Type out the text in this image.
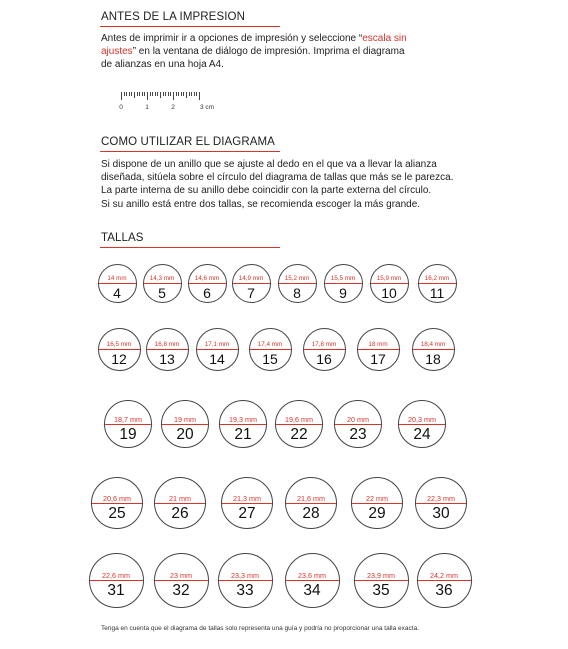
ANTES DE LA IMPRESION
Antes de imprimir ir a opciones de impresión y seleccione “escala sin
ajustes” en la ventana de diálogo de impresión. Imprima el diagrama
de alianzas en una hoja A4.
0	1	2	3 cm
COMO UTILIZAR EL DIAGRAMA
Si dispone de un anillo que se ajuste al dedo en el que va a llevar la alianza
diseñada, sitúela sobre el círculo del diagrama de tallas que más se le parezca.
La parte interna de su anillo debe coincidir con la parte externa del círculo.
Si su anillo está entre dos tallas, se recomienda escoger la más grande.
TALLAS
14 mm
4
14,3 mm
5
14,6 mm
6
14,9 mm
7
15,2 mm
8
15,5 mm
9
15,9 mm
10
16,2 mm
11
16,5 mm
12
16,8 mm
13
17,1 mm
14
17,4 mm
15
17,8 mm
16
18 mm
17
18,4 mm
18
18,7 mm
19
19 mm
20
19,3 mm
21
19,6 mm
22
20 mm
23
20,3 mm
24
20,6 mm
25
21 mm
26
21,3 mm
27
21,6 mm
28
22 mm
29
22,3 mm
30
22,6 mm
31
23 mm
32
23,3 mm
33
23,6 mm
34
23,9 mm
35
24,2 mm
36
Tenga en cuenta que el diagrama de tallas solo representa una guía y podría no proporcionar una talla exacta.
